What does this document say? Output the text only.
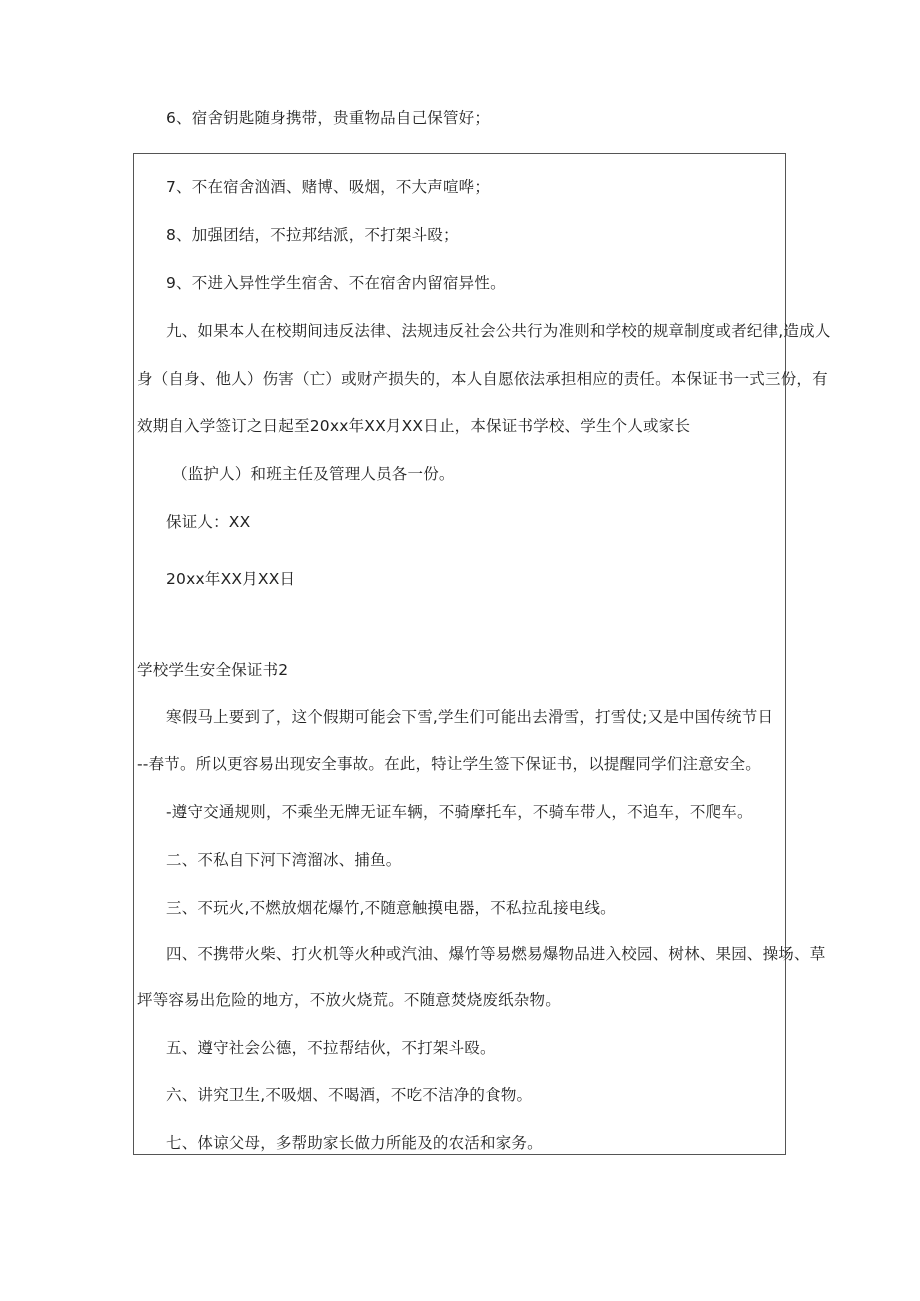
6、宿舍钥匙随身携带，贵重物品自己保管好；
7、不在宿舍汹酒、赌博、吸烟，不大声喧哗；
8、加强团结，不拉邦结派，不打架斗殴；
9、不进入异性学生宿舍、不在宿舍内留宿异性。
九、如果本人在校期间违反法律、法规违反社会公共行为准则和学校的规章制度或者纪律,造成人
身（自身、他人）伤害（亡）或财产损失的，本人自愿依法承担相应的责任。本保证书一式三份，有
效期自入学签订之日起至20xx年XX月XX日止，本保证书学校、学生个人或家长
（监护人）和班主任及管理人员各一份。
保证人：XX
20xx年XX月XX日
学校学生安全保证书2
寒假马上要到了，这个假期可能会下雪,学生们可能出去滑雪，打雪仗;又是中国传统节日
--春节。所以更容易出现安全事故。在此，特让学生签下保证书，以提醒同学们注意安全。
-遵守交通规则，不乘坐无牌无证车辆，不骑摩托车，不骑车带人，不追车，不爬车。
二、不私自下河下湾溜冰、捕鱼。
三、不玩火,不燃放烟花爆竹,不随意触摸电器，不私拉乱接电线。
四、不携带火柴、打火机等火种或汽油、爆竹等易燃易爆物品进入校园、树林、果园、操场、草
坪等容易出危险的地方，不放火烧荒。不随意焚烧废纸杂物。
五、遵守社会公德，不拉帮结伙，不打架斗殴。
六、讲究卫生,不吸烟、不喝酒，不吃不洁净的食物。
七、体谅父母，多帮助家长做力所能及的农活和家务。
